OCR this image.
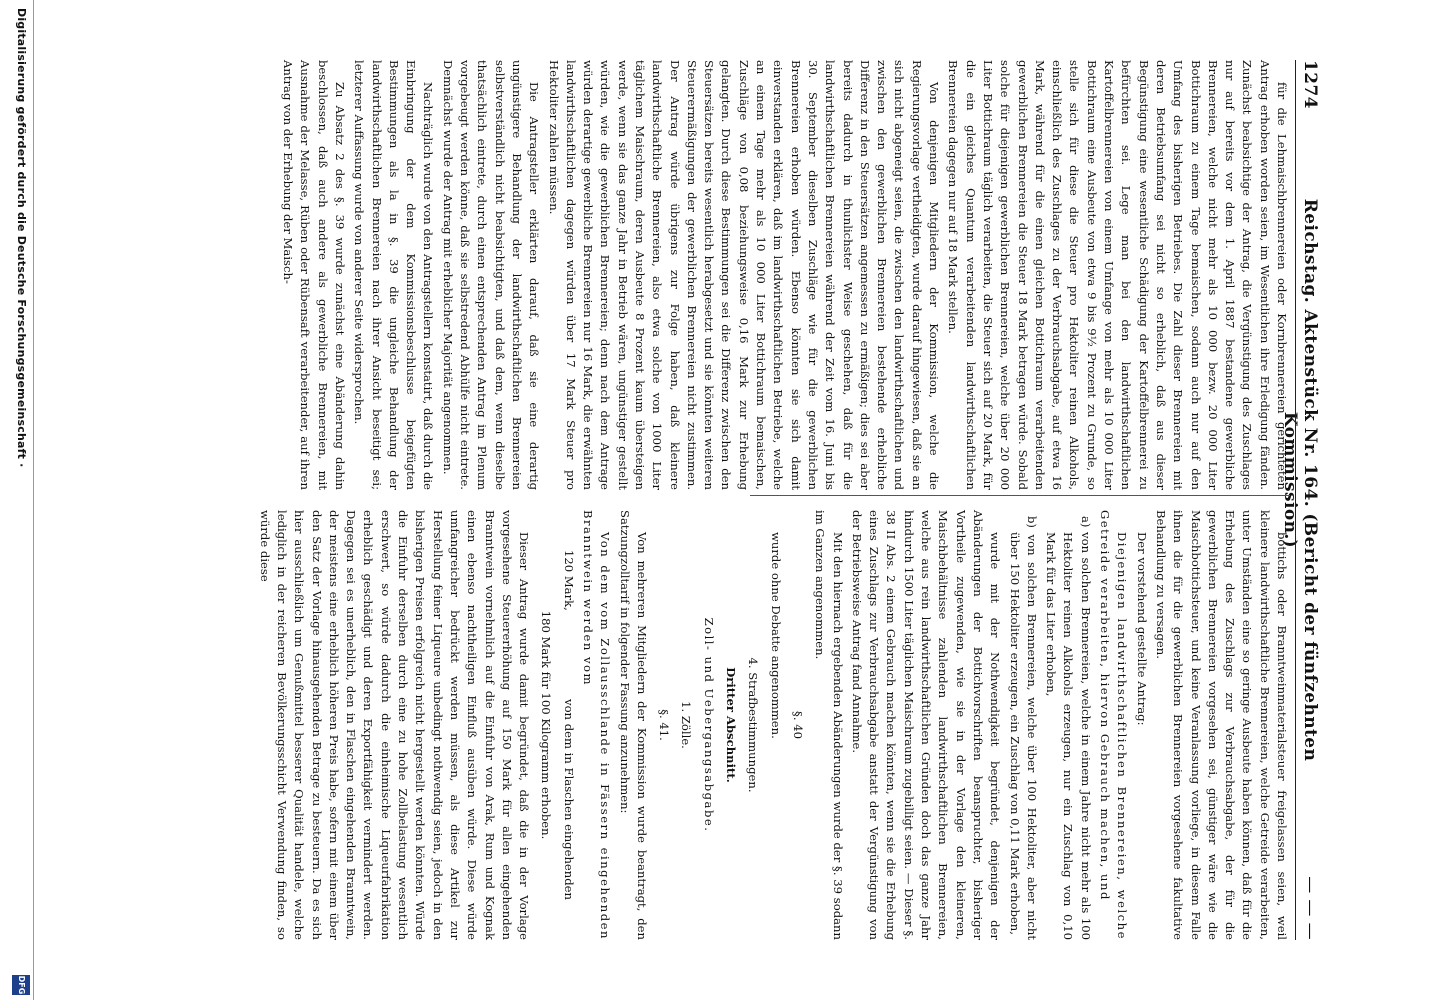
1274
Reichstag. Aktenstück Nr. 164. (Bericht der fünfzehnten Kommission.)
— — —

für die Lehmaischbrennereien oder Kornbrennereien gerichteten Antrag erhoben worden seien, im Wesentlichen ihre Erledigung fänden. Zunächst beabsichtige der Antrag, die Vergünstigung des Zuschlages nur auf bereits vor dem 1. April 1887 bestandene gewerbliche Brennereien, welche nicht mehr als 10 000 bezw. 20 000 Liter Bottichraum zu einem Tage bemaischen, sodann auch nur auf den Umfang des bisherigen Betriebes. Die Zahl dieser Brennereien mit deren Betriebsumfang sei nicht so erheblich, daß aus dieser Begünstigung eine wesentliche Schädigung der Kartoffelbrennerei zu befürchten sei. Lege man bei den landwirthschaftlichen Kartoffelbrennereien von einem Umfange von mehr als 10 000 Liter Bottichraum eine Ausbeute von etwa 9 bis 9½ Prozent zu Grunde, so stelle sich für diese die Steuer pro Hektoliter reinen Alkohols, einschließlich des Zuschlages zu der Verbrauchsabgabe, auf etwa 16 Mark, während für die einen gleichen Bottichraum verarbeitenden gewerblichen Brennereien die Steuer 18 Mark betragen würde. Sobald solche für diejenigen gewerblichen Brennereien, welche über 20 000 Liter Bottichraum täglich verarbeiten, die Steuer sich auf 20 Mark, für die ein gleiches Quantum verarbeitenden landwirthschaftlichen Brennereien dagegen nur auf 18 Mark stellen.

Von denjenigen Mitgliedern der Kommission, welche die Regierungsvorlage vertheidigten, wurde darauf hingewiesen, daß sie an sich nicht abgeneigt seien, die zwischen den landwirthschaftlichen und zwischen den gewerblichen Brennereien bestehende erhebliche Differenz in den Steuersätzen angemessen zu ermäßigen; dies sei aber bereits dadurch in thunlichster Weise geschehen, daß für die landwirthschaftlichen Brennereien während der Zeit vom 16. Juni bis 30. September dieselben Zuschläge wie für die gewerblichen Brennereien erhoben würden. Ebenso könnten sie sich damit einverstanden erklären, daß im landwirthschaftlichen Betriebe, welche an einem Tage mehr als 10 000 Liter Bottichraum bemaischen, Zuschläge von 0,08 beziehungsweise 0,16 Mark zur Erhebung gelangten. Durch diese Bestimmungen sei die Differenz zwischen den Steuersätzen bereits wesentlich herabgesetzt und sie könnten weiteren Steuerermäßigungen der gewerblichen Brennereien nicht zustimmen. Der Antrag würde übrigens zur Folge haben, daß kleinere landwirthschaftliche Brennereien, also etwa solche von 1000 Liter täglichem Maischraum, deren Ausbeute 8 Prozent kaum übersteigen werde, wenn sie das ganze Jahr in Betrieb wären, ungünstiger gestellt würden, wie die gewerblichen Brennereien; denn nach dem Antrage würden derartige gewerbliche Brennereien nur 16 Mark, die erwähnten landwirthschaftlichen dagegen würden über 17 Mark Steuer pro Hektoliter zahlen müssen.

Die Antragsteller erklärten darauf, daß sie eine derartig ungünstigere Behandlung der landwirthschaftlichen Brennereien selbstverständlich nicht beabsichtigten, und daß dem, wenn dieselbe thatsächlich eintrete, durch einen entsprechenden Antrag im Plenum vorgebeugt werden könne, daß sie selbstredend Abhülfe nicht eintrete. Demnächst wurde der Antrag mit erheblicher Majorität angenommen.

Nachträglich wurde von den Antragstellern konstatirt, daß durch die Einbringung der dem Kommissionsbeschlusse beigefügten Bestimmungen als la in §. 39 die ungleiche Behandlung der landwirthschaftlichen Brennereien nach ihrer Ansicht beseitigt sei; letzterer Auffassung wurde von anderer Seite widersprochen.

Zu Absatz 2 des §. 39 wurde zunächst eine Abänderung dahin beschlossen, daß auch andere als gewerbliche Brennereien, mit Ausnahme der Melasse, Rüben oder Rübensaft verarbeitender, auf ihren Antrag von der Erhebung der Maisch-

bottichs oder Branntweinmaterialsteuer freigelassen seien, weil kleinere landwirthschaftliche Brennereien, welche Getreide verarbeiten, unter Umständen eine so geringe Ausbeute haben können, daß für die Erhebung des Zuschlags zur Verbrauchsabgabe, der für die gewerblichen Brennereien vorgesehen sei, günstiger wäre wie die Maischbottichsteuer, und keine Veranlassung vorliege, in diesem Falle ihnen die für die gewerblichen Brennereien vorgesehene fakultative Behandlung zu versagen.

Der vorstehend gestellte Antrag:

Diejenigen landwirthschaftlichen Brennereien, welche Getreide verarbeiten, hiervon Gebrauch machen, und

a) von solchen Brennereien, welche in einem Jahre nicht mehr als 100 Hektoliter reinen Alkohols erzeugen, nur ein Zuschlag von 0,10 Mark für das Liter erhoben,

b) von solchen Brennereien, welche über 100 Hektoliter, aber nicht über 150 Hektoliter erzeugen, ein Zuschlag von 0,11 Mark erhoben,

wurde mit der Nothwendigkeit begründet, denjenigen der Abänderungen der Bottichvorschriften beanspruchter, bisheriger Vortheile zugewenden, wie sie in der Vorlage den kleineren, Maischbehältnisse zahlenden landwirthschaftlichen Brennereien, welche aus rein landwirthschaftlichen Gründen doch das ganze Jahr hindurch 1500 Liter täglichen Maischraum zugebilligt seien. — Dieser §. 38 II Abs. 2 einem Gebrauch machen könnten, wenn sie die Erhebung eines Zuschlags zur Verbrauchsabgabe anstatt der Vergünstigung von der Betriebsweise Antrag fand Annahme.

Mit den hiernach ergebenden Abänderungen wurde der §. 39 sodann im Ganzen angenommen.

§. 40

wurde ohne Debatte angenommen.

4. Strafbestimmungen.

Dritter Abschnitt.

Zoll- und Uebergangsabgabe.

1. Zölle.

§. 41.

Von mehreren Mitgliedern der Kommission wurde beantragt, den Satzungzolltarif in folgender Fassung anzunehmen:

Von dem vom Zollausschlande in Fässern eingehenden Branntwein werden vom

120 Mark,
von dem in Flaschen eingehenden

180 Mark für 100 Kilogramm erhoben.

Dieser Antrag wurde damit begründet, daß die in der Vorlage vorgesehene Steuererhöhung auf 150 Mark für allen eingehenden Branntwein vornehmlich auf die Einfuhr von Arak, Rum und Kognak einen ebenso nachtheiligen Einfluß ausüben würde. Diese würde umfangreicher bedrückt werden müssen, als diese Artikel zur Herstellung feiner Liqueure unbedingt nothwendig seien, jedoch in den bisherigen Preisen erfolgreich nicht hergestellt werden könnten. Würde die Einfuhr derselben durch eine zu hohe Zollbelastung wesentlich erschwert, so würde dadurch die einheimische Liqueurfabrikation erheblich geschädigt und deren Exportfähigkeit vermindert werden. Dagegen sei es unerheblich, den in Flaschen eingehenden Branntwein, der meistens eine erheblich höheren Preis habe, sofern mit einem über den Satz der Vorlage hinausgehenden Betrage zu besteuern. Da es sich hier ausschließlich um Genußmittel besserer Qualität handele, welche lediglich in der reicheren Bevölkerungsschicht Verwendung finden, so würde diese

Digitalisierung gefördert durch die Deutsche Forschungsgemeinschaft ·
DFG
